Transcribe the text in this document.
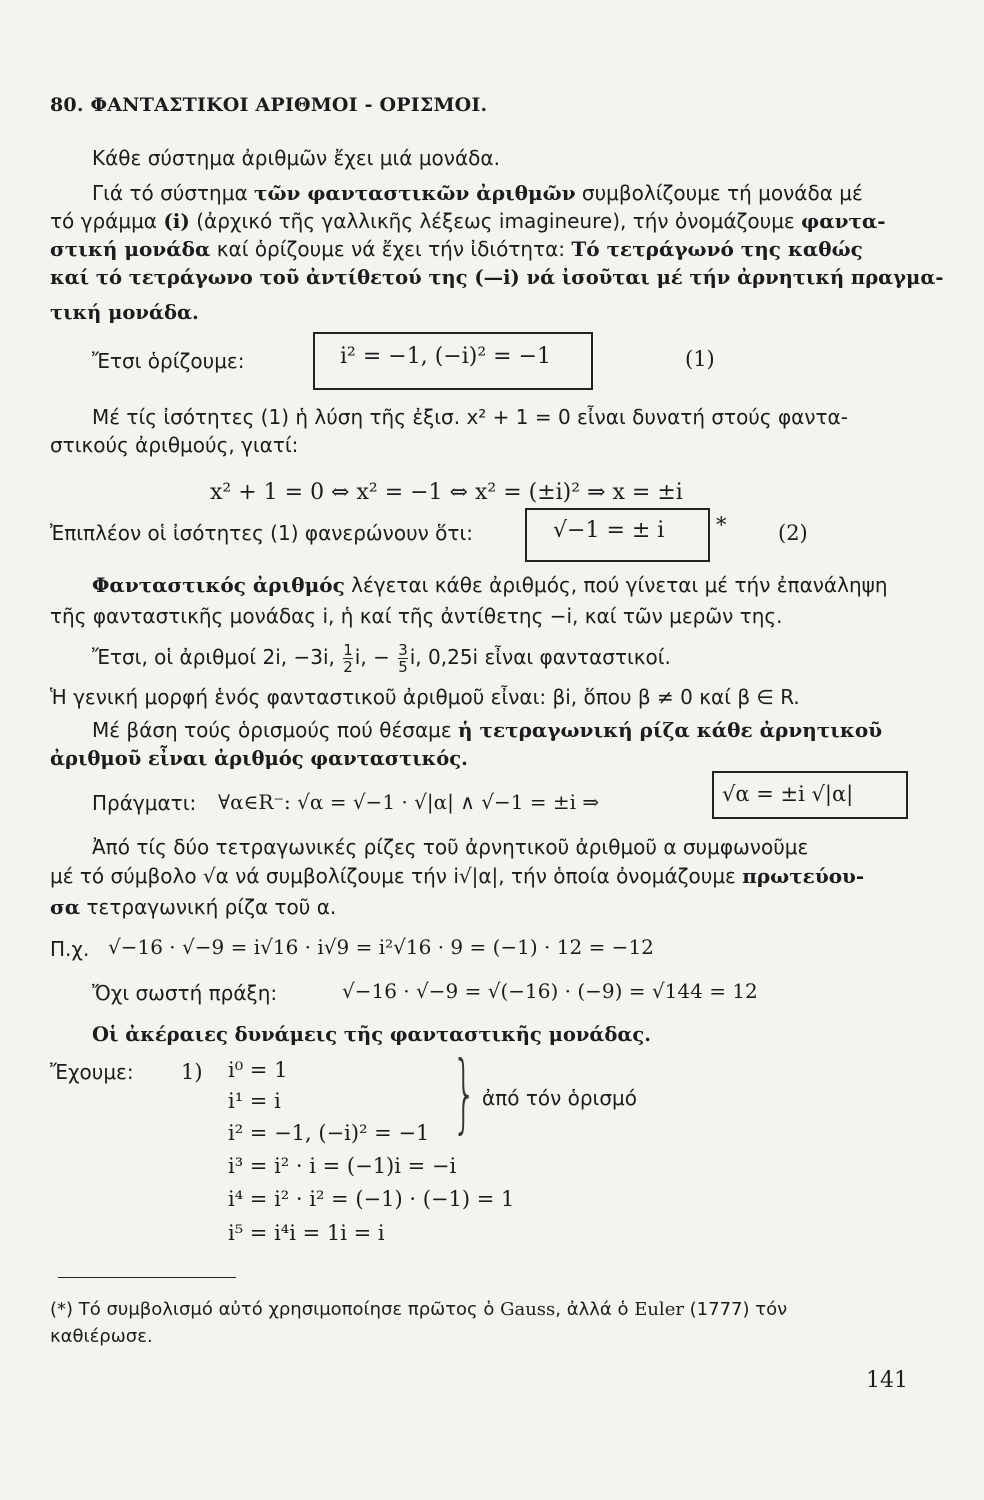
80. ΦΑΝΤΑΣΤΙΚΟΙ ΑΡΙΘΜΟΙ - ΟΡΙΣΜΟΙ.
Κάθε σύστημα ἀριθμῶν ἔχει μιά μονάδα.
Γιά τό σύστημα τῶν φανταστικῶν ἀριθμῶν συμβολίζουμε τή μονάδα μέ
τό γράμμα (i) (ἀρχικό τῆς γαλλικῆς λέξεως imagineure), τήν ὀνομάζουμε φαντα-
στική μονάδα καί ὁρίζουμε νά ἔχει τήν ἰδιότητα: Τό τετράγωνό της καθώς
καί τό τετράγωνο τοῦ ἀντίθετού της (—i) νά ἰσοῦται μέ τήν ἀρνητική πραγμα-
τική μονάδα.
Ἔτσι ὁρίζουμε:	i² = −1, (−i)² = −1	(1)
Μέ τίς ἰσότητες (1) ἡ λύση τῆς ἐξισ. x² + 1 = 0 εἶναι δυνατή στούς φαντα-
στικούς ἀριθμούς, γιατί:
x² + 1 = 0 ⇔ x² = −1 ⇔ x² = (±i)² ⇒ x = ±i
Ἐπιπλέον οἱ ἰσότητες (1) φανερώνουν ὅτι:	√−1 = ± i * (2)
Φανταστικός ἀριθμός λέγεται κάθε ἀριθμός, πού γίνεται μέ τήν ἐπανάληψη
τῆς φανταστικῆς μονάδας i, ἡ καί τῆς ἀντίθετης −i, καί τῶν μερῶν της.
Ἔτσι, οἱ ἀριθμοί 2i, −3i, $\frac{1}{2} i$, − $\frac{3}{5} i$, 0,25i εἶναι φανταστικοί.
Ἡ γενική μορφή ἑνός φανταστικοῦ ἀριθμοῦ εἶναι: βi, ὅπου β ≠ 0 καί β ∈ R.
Μέ βάση τούς ὁρισμούς πού θέσαμε ἡ τετραγωνική ρίζα κάθε ἀρνητικοῦ
ἀριθμοῦ εἶναι ἀριθμός φανταστικός.
Πράγματι: ∀α∈R⁻: √α = √−1 · √|α| ∧ √−1 = ±i ⇒	√α = ±i √|α|
Ἀπό τίς δύο τετραγωνικές ρίζες τοῦ ἀρνητικοῦ ἀριθμοῦ α συμφωνοῦμε
μέ τό σύμβολο √α νά συμβολίζουμε τήν i√|α|, τήν ὁποία ὀνομάζουμε πρωτεύου-
σα τετραγωνική ρίζα τοῦ α.
Π.χ. √−16 · √−9 = i√16 · i√9 = i²√16 · 9 = (−1) · 12 = −12
Ὄχι σωστή πράξη:	√−16 · √−9 = √(−16) · (−9) = √144 = 12
Οἱ ἀκέραιες δυνάμεις τῆς φανταστικῆς μονάδας.
Ἔχουμε: 1) i⁰ = 1
i¹ = i
i² = −1, (−i)² = −1
i³ = i² · i = (−1)i = −i
i⁴ = i² · i² = (−1) · (−1) = 1
i⁵ = i⁴i = 1i = i
} ἀπό τόν ὁρισμό
(*) Τό συμβολισμό αὐτό χρησιμοποίησε πρῶτος ὁ Gauss, ἀλλά ὁ Euler (1777) τόν
καθιέρωσε.
141
